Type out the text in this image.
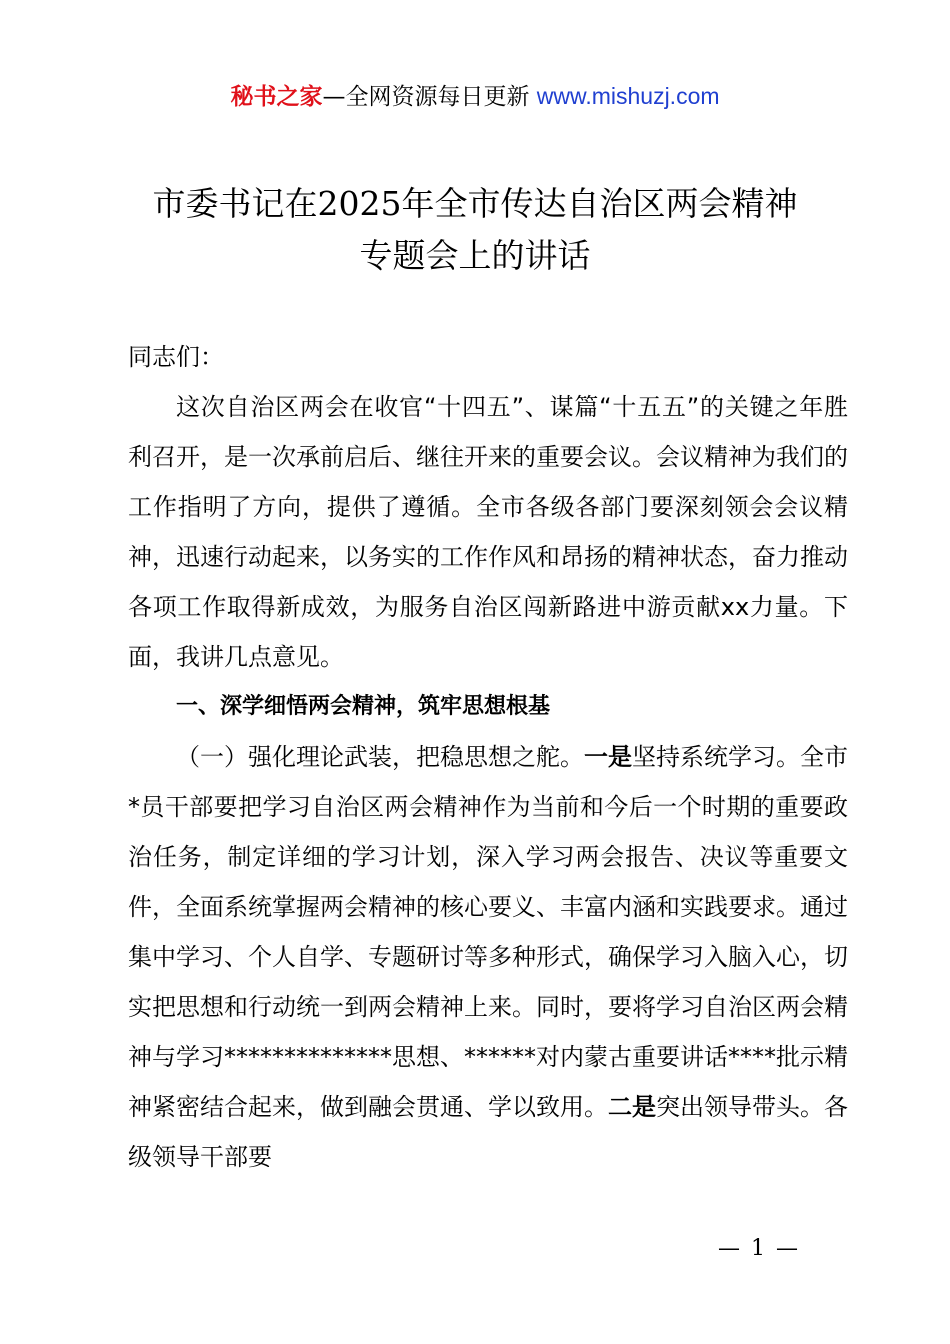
秘书之家—全网资源每日更新 www.mishuzj.com
市委书记在2025年全市传达自治区两会精神
专题会上的讲话

同志们：

这次自治区两会在收官“十四五”、谋篇“十五五”的关键之年胜利召开，是一次承前启后、继往开来的重要会议。会议精神为我们的工作指明了方向，提供了遵循。全市各级各部门要深刻领会会议精神，迅速行动起来，以务实的工作作风和昂扬的精神状态，奋力推动各项工作取得新成效，为服务自治区闯新路进中游贡献xx力量。下面，我讲几点意见。

一、深学细悟两会精神，筑牢思想根基

（一）强化理论武装，把稳思想之舵。一是坚持系统学习。全市*员干部要把学习自治区两会精神作为当前和今后一个时期的重要政治任务，制定详细的学习计划，深入学习两会报告、决议等重要文件，全面系统掌握两会精神的核心要义、丰富内涵和实践要求。通过集中学习、个人自学、专题研讨等多种形式，确保学习入脑入心，切实把思想和行动统一到两会精神上来。同时，要将学习自治区两会精神与学习**************思想、******对内蒙古重要讲话****批示精神紧密结合起来，做到融会贯通、学以致用。二是突出领导带头。各级领导干部要

— 1 —
